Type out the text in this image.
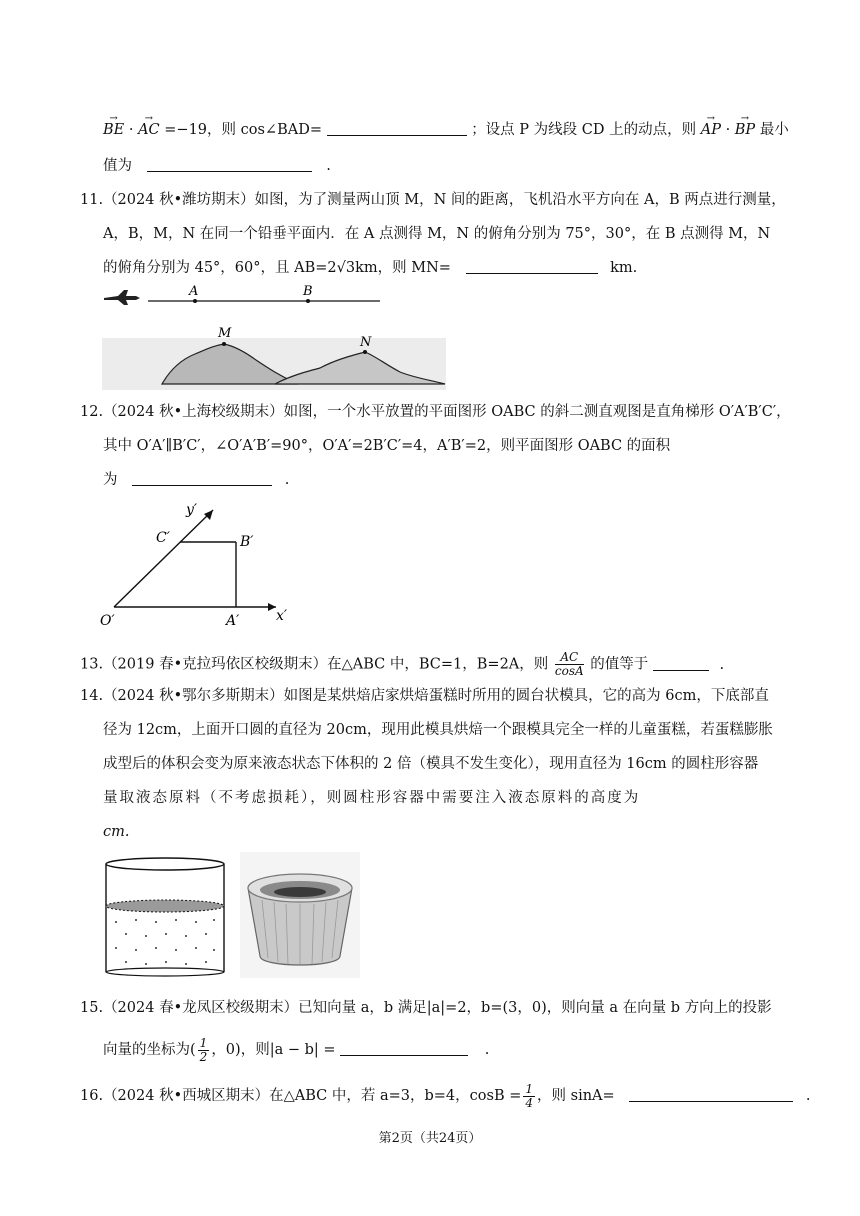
→ BE · → AC =−19，则 cos∠BAD=	；设点 P 为线段 CD 上的动点，则 → AP · → BP 最小
值为	.
11.（2024 秋•潍坊期末）如图，为了测量两山顶 M，N 间的距离，飞机沿水平方向在 A，B 两点进行测量，
A，B，M，N 在同一个铅垂平面内．在 A 点测得 M，N 的俯角分别为 75°，30°，在 B 点测得 M，N
的俯角分别为 45°，60°，且 AB=2√3km，则 MN=	km.
A	B
M
N
12.（2024 秋•上海校级期末）如图，一个水平放置的平面图形 OABC 的斜二测直观图是直角梯形 O′A′B′C′，
其中 O′A′∥B′C′，∠O′A′B′=90°，O′A′=2B′C′=4，A′B′=2，则平面图形 OABC 的面积
为	.
y′
x′
O′	A′
B′
C′
13.（2019 春•克拉玛依区校级期末）在△ABC 中，BC=1，B=2A，则 $\frac{AC}{\cos A}$ 的值等于	.
14.（2024 秋•鄂尔多斯期末）如图是某烘焙店家烘焙蛋糕时所用的圆台状模具，它的高为 6cm，下底部直
径为 12cm，上面开口圆的直径为 20cm，现用此模具烘焙一个跟模具完全一样的儿童蛋糕，若蛋糕膨胀
成型后的体积会变为原来液态状态下体积的 2 倍（模具不发生变化），现用直径为 16cm 的圆柱形容器
量取液态原料（不考虑损耗），则圆柱形容器中需要注入液态原料的高度为
cm.
15.（2024 春•龙凤区校级期末）已知向量 a，b 满足|a|=2，b=(3，0)，则向量 a 在向量 b 方向上的投影
向量的坐标为( $\frac{1}{2}$ ，0)，则|a − b| =	.
16.（2024 秋•西城区期末）在△ABC 中，若 a=3，b=4，$\cos B = \frac{1}{4}$ ，则 sinA=	.
第2页（共24页）
